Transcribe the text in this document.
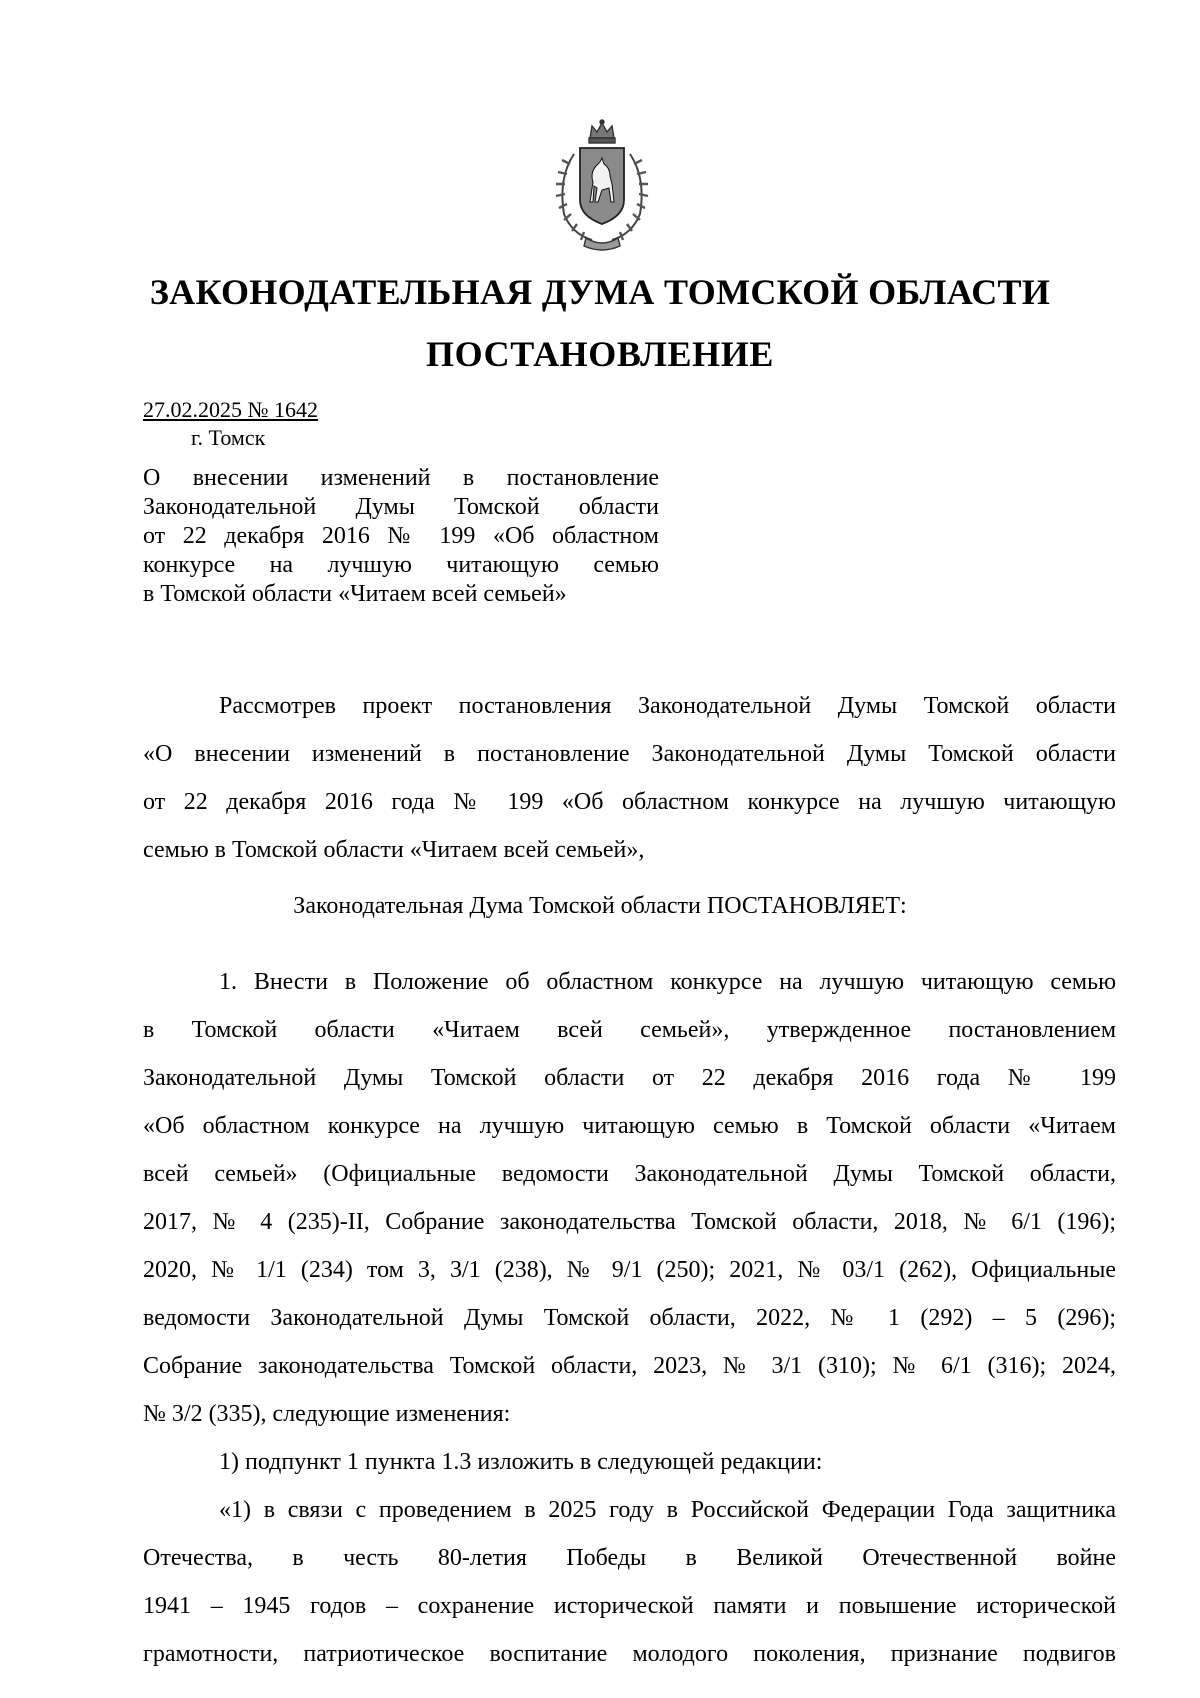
ЗАКОНОДАТЕЛЬНАЯ ДУМА ТОМСКОЙ ОБЛАСТИ
ПОСТАНОВЛЕНИЕ
27.02.2025 № 1642
г. Томск
О внесении изменений в постановление
Законодательной Думы Томской области
от 22 декабря 2016 № 199 «Об областном
конкурсе на лучшую читающую семью
в Томской области «Читаем всей семьей»
Рассмотрев проект постановления Законодательной Думы Томской области
«О внесении изменений в постановление Законодательной Думы Томской области
от 22 декабря 2016 года № 199 «Об областном конкурсе на лучшую читающую
семью в Томской области «Читаем всей семьей»,
Законодательная Дума Томской области ПОСТАНОВЛЯЕТ:
1. Внести в Положение об областном конкурсе на лучшую читающую семью
в Томской области «Читаем всей семьей», утвержденное постановлением
Законодательной Думы Томской области от 22 декабря 2016 года № 199
«Об областном конкурсе на лучшую читающую семью в Томской области «Читаем
всей семьей» (Официальные ведомости Законодательной Думы Томской области,
2017, № 4 (235)-II, Собрание законодательства Томской области, 2018, № 6/1 (196);
2020, № 1/1 (234) том 3, 3/1 (238), № 9/1 (250); 2021, № 03/1 (262), Официальные
ведомости Законодательной Думы Томской области, 2022, № 1 (292) – 5 (296);
Собрание законодательства Томской области, 2023, № 3/1 (310); № 6/1 (316); 2024,
№ 3/2 (335), следующие изменения:
1) подпункт 1 пункта 1.3 изложить в следующей редакции:
«1) в связи с проведением в 2025 году в Российской Федерации Года защитника
Отечества, в честь 80-летия Победы в Великой Отечественной войне
1941 – 1945 годов – сохранение исторической памяти и повышение исторической
грамотности, патриотическое воспитание молодого поколения, признание подвигов
